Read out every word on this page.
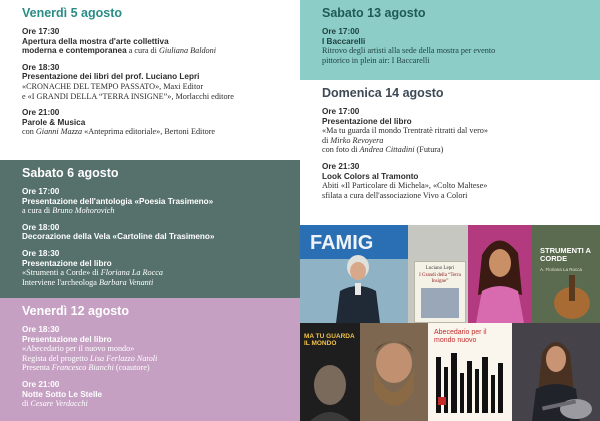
Venerdì 5 agosto
Ore 17:30
Apertura della mostra d'arte collettiva
moderna e contemporanea a cura di Giuliana Baldoni
Ore 18:30
Presentazione dei libri del prof. Luciano Lepri
«CRONACHE DEL TEMPO PASSATO», Maxi Editor
e «I GRANDI DELLA “TERRA INSIGNE”», Morlacchi editore
Ore 21:00
Parole & Musica
con Gianni Mazza «Anteprima editoriale», Bertoni Editore
Sabato 6 agosto
Ore 17:00
Presentazione dell'antologia «Poesia Trasimeno»
a cura di Bruno Mohorovich
Ore 18:00
Decorazione della Vela «Cartoline dal Trasimeno»
Ore 18:30
Presentazione del libro
«Strumenti a Corde» di Floriana La Rocca
Interviene l'archeologa Barbara Venanti
Venerdì 12 agosto
Ore 18:30
Presentazione del libro
«Abecedario per il nuovo mondo»
Regista del progetto Lisa Ferlazzo Natoli
Presenta Francesco Bianchi (coautore)
Ore 21:00
Notte Sotto Le Stelle
di Cesare Verdacchi
Sabato 13 agosto
Ore 17:00
I Baccarelli
Ritrovo degli artisti alla sede della mostra per evento
pittorico in plein air: I Baccarelli
Domenica 14 agosto
Ore 17:00
Presentazione del libro
«Ma tu guarda il mondo Trentratè ritratti dal vero»
di Mirko Revoyera
con foto di Andrea Cittadini (Futura)
Ore 21:30
Look Colors al Tramonto
Abiti «Il Particolare di Michela», «Colto Maltese»
sfilata a cura dell'associazione Vivo a Colori
FAMIG
Luciano Lepri
I Grandi della “Terra Insigne”
STRUMENTI A CORDE
A. Floriana La Rocca
MA TU GUARDA IL MONDO
Abecedario per il mondo nuovo
